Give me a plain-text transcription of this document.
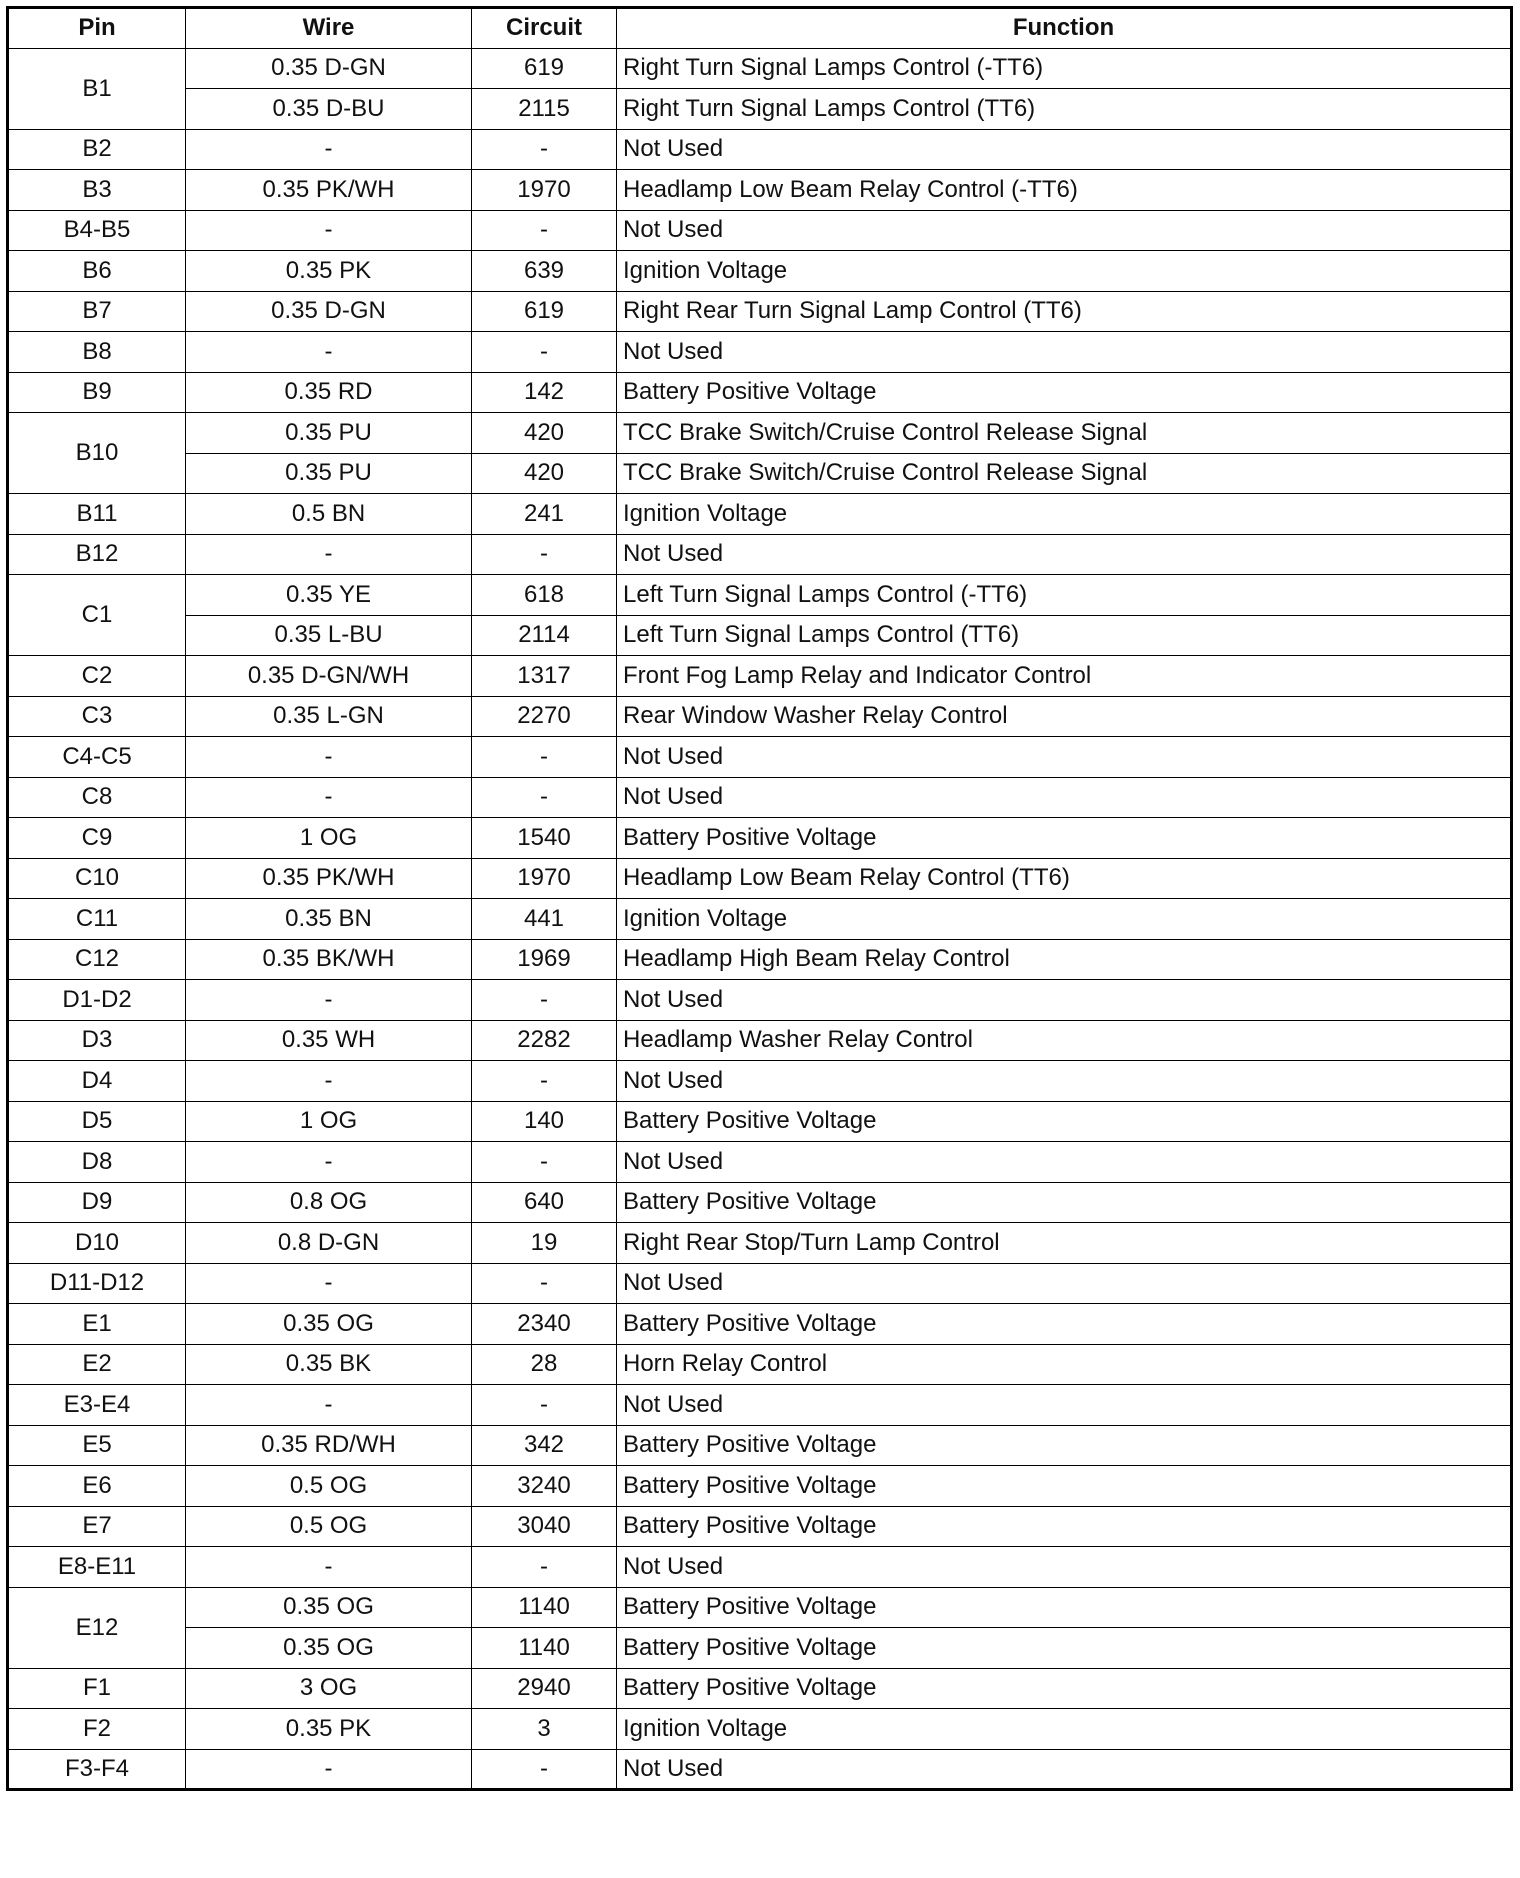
Pin	Wire	Circuit	Function
B1	0.35 D-GN	619	Right Turn Signal Lamps Control (-TT6)
	0.35 D-BU	2115	Right Turn Signal Lamps Control (TT6)
B2	-	-	Not Used
B3	0.35 PK/WH	1970	Headlamp Low Beam Relay Control (-TT6)
B4-B5	-	-	Not Used
B6	0.35 PK	639	Ignition Voltage
B7	0.35 D-GN	619	Right Rear Turn Signal Lamp Control (TT6)
B8	-	-	Not Used
B9	0.35 RD	142	Battery Positive Voltage
B10	0.35 PU	420	TCC Brake Switch/Cruise Control Release Signal
	0.35 PU	420	TCC Brake Switch/Cruise Control Release Signal
B11	0.5 BN	241	Ignition Voltage
B12	-	-	Not Used
C1	0.35 YE	618	Left Turn Signal Lamps Control (-TT6)
	0.35 L-BU	2114	Left Turn Signal Lamps Control (TT6)
C2	0.35 D-GN/WH	1317	Front Fog Lamp Relay and Indicator Control
C3	0.35 L-GN	2270	Rear Window Washer Relay Control
C4-C5	-	-	Not Used
C8	-	-	Not Used
C9	1 OG	1540	Battery Positive Voltage
C10	0.35 PK/WH	1970	Headlamp Low Beam Relay Control (TT6)
C11	0.35 BN	441	Ignition Voltage
C12	0.35 BK/WH	1969	Headlamp High Beam Relay Control
D1-D2	-	-	Not Used
D3	0.35 WH	2282	Headlamp Washer Relay Control
D4	-	-	Not Used
D5	1 OG	140	Battery Positive Voltage
D8	-	-	Not Used
D9	0.8 OG	640	Battery Positive Voltage
D10	0.8 D-GN	19	Right Rear Stop/Turn Lamp Control
D11-D12	-	-	Not Used
E1	0.35 OG	2340	Battery Positive Voltage
E2	0.35 BK	28	Horn Relay Control
E3-E4	-	-	Not Used
E5	0.35 RD/WH	342	Battery Positive Voltage
E6	0.5 OG	3240	Battery Positive Voltage
E7	0.5 OG	3040	Battery Positive Voltage
E8-E11	-	-	Not Used
E12	0.35 OG	1140	Battery Positive Voltage
	0.35 OG	1140	Battery Positive Voltage
F1	3 OG	2940	Battery Positive Voltage
F2	0.35 PK	3	Ignition Voltage
F3-F4	-	-	Not Used
